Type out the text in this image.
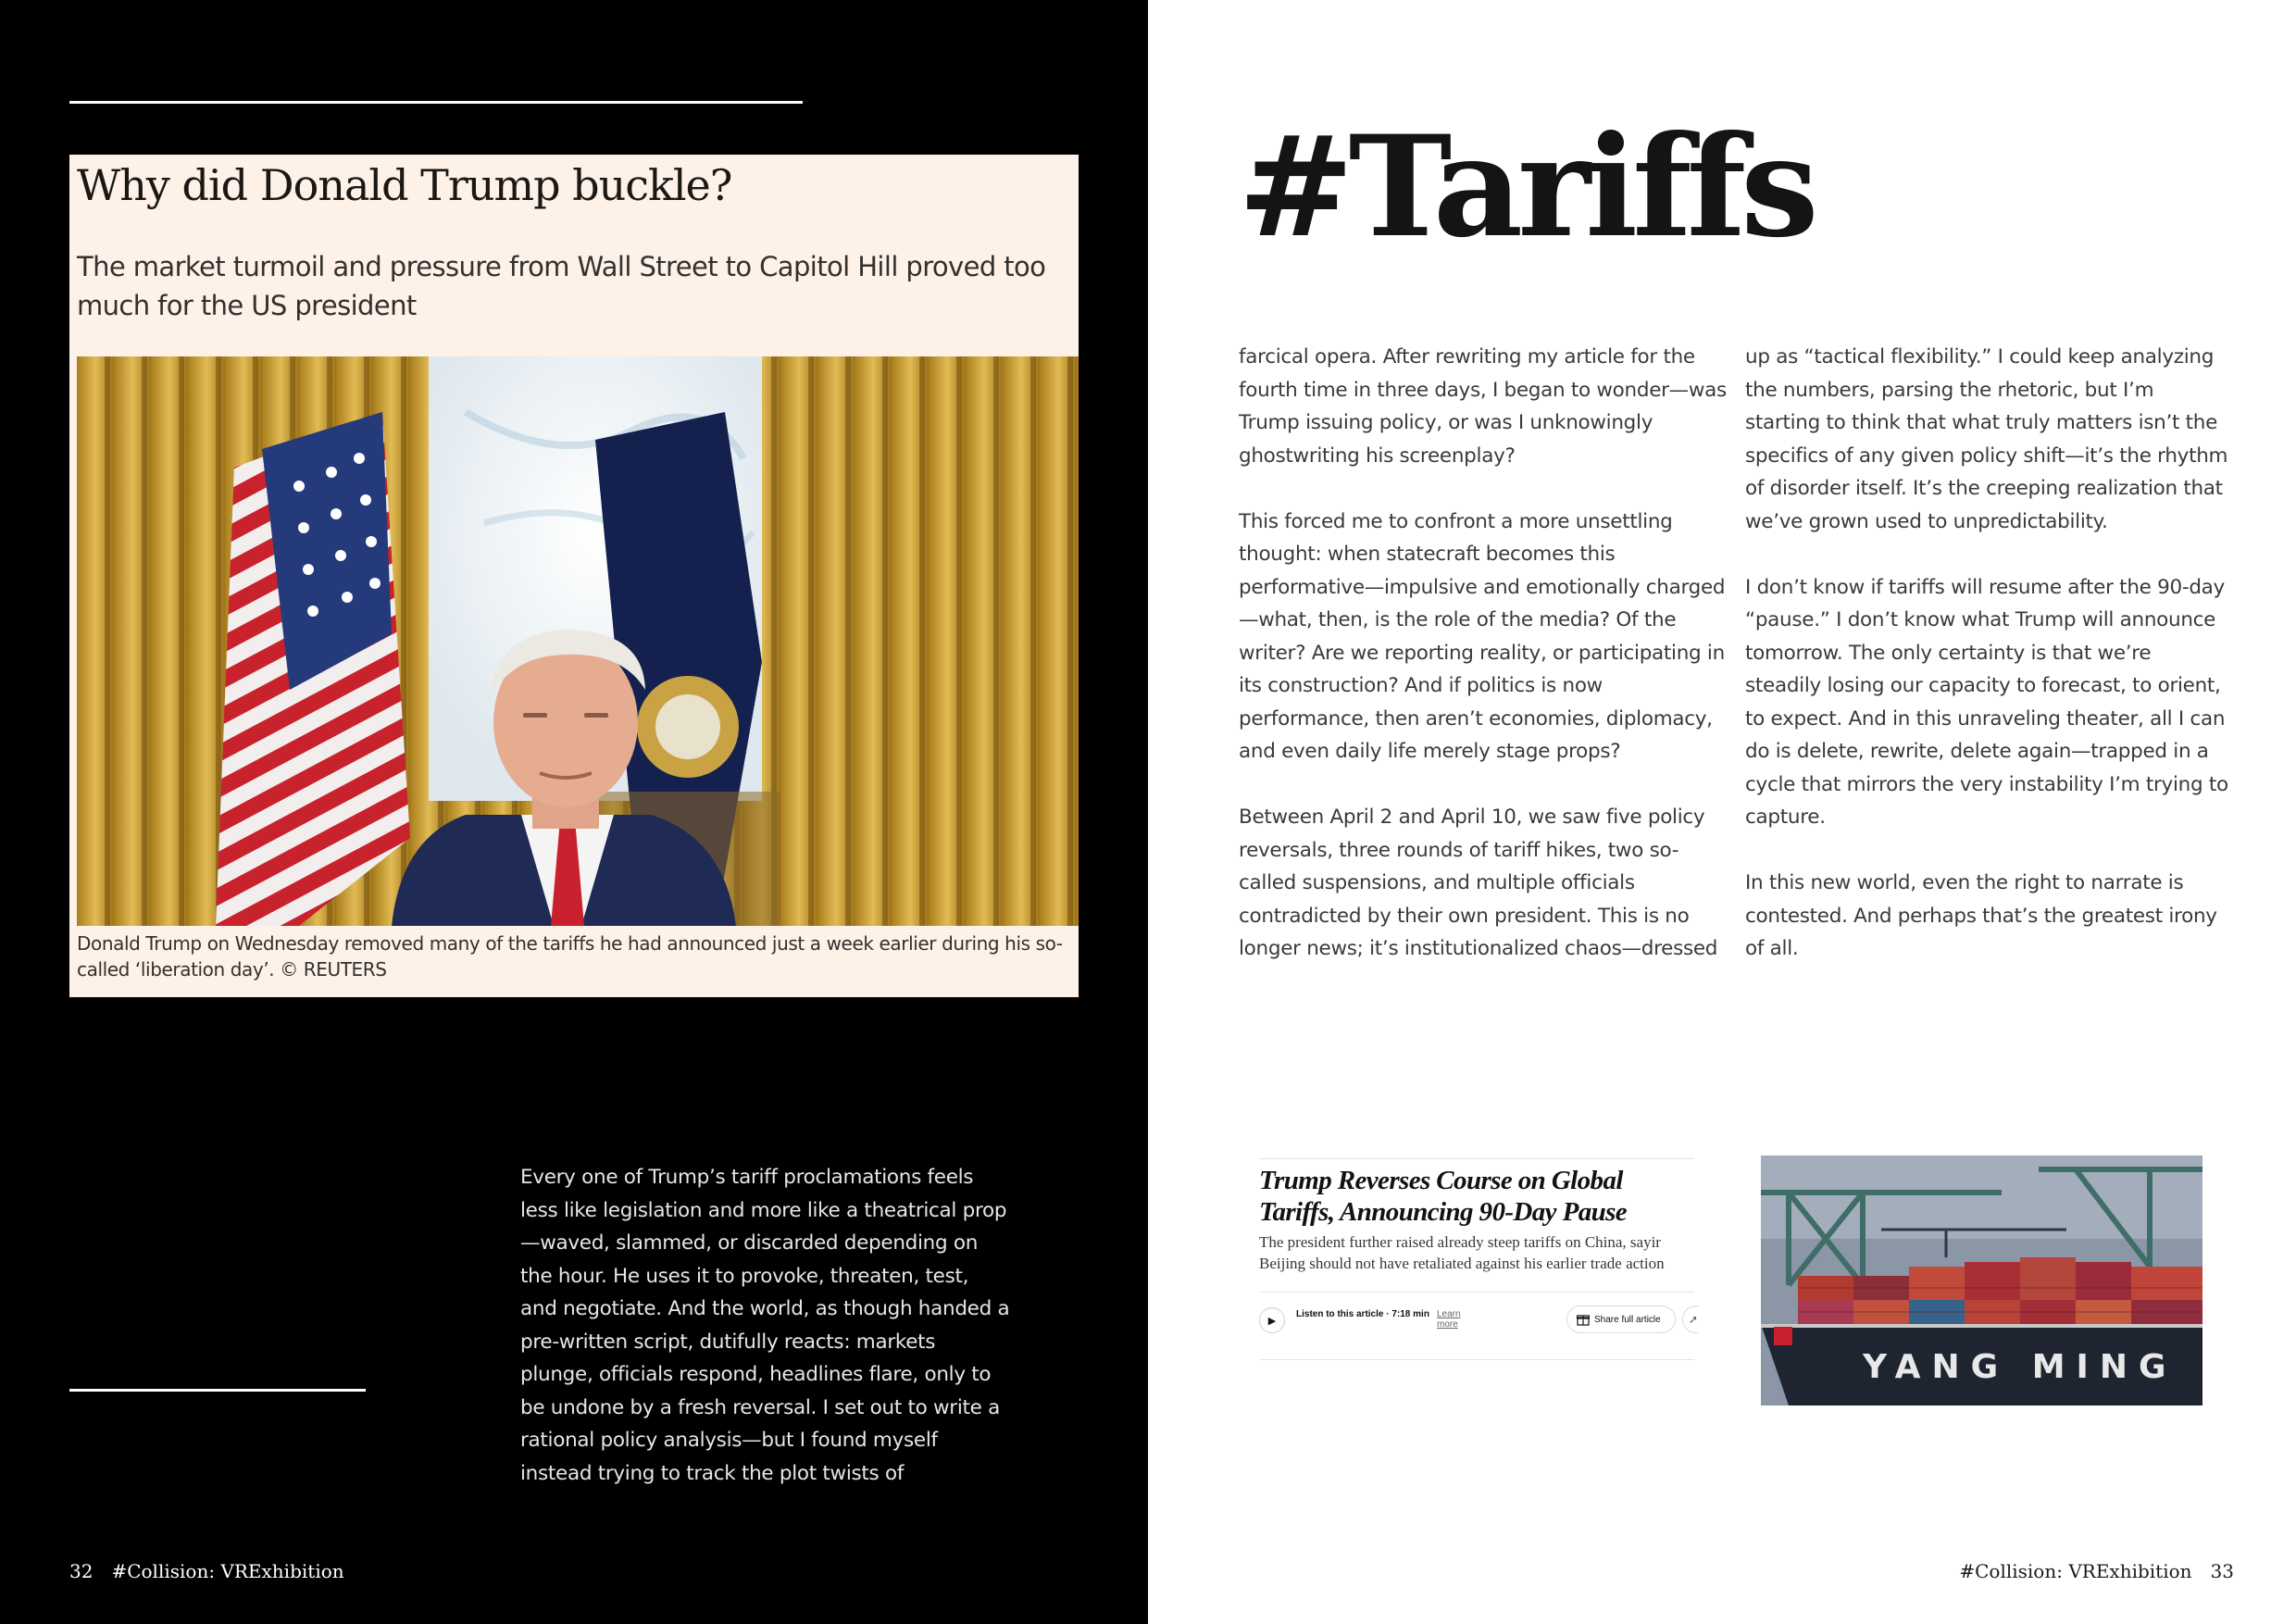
Why did Donald Trump buckle?

The market turmoil and pressure from Wall Street to Capitol Hill proved too much for the US president

Donald Trump on Wednesday removed many of the tariffs he had announced just a week earlier during his so-called ‘liberation day’. © REUTERS

Every one of Trump’s tariff proclamations feels less like legislation and more like a theatrical prop—waved, slammed, or discarded depending on the hour. He uses it to provoke, threaten, test, and negotiate. And the world, as though handed a pre-written script, dutifully reacts: markets plunge, officials respond, headlines flare, only to be undone by a fresh reversal. I set out to write a rational policy analysis—but I found myself instead trying to track the plot twists of

32 #Collision: VRExhibition
#Tariffs

farcical opera. After rewriting my article for the fourth time in three days, I began to wonder—was Trump issuing policy, or was I unknowingly ghostwriting his screenplay?

This forced me to confront a more unsettling thought: when statecraft becomes this performative—impulsive and emotionally charged—what, then, is the role of the media? Of the writer? Are we reporting reality, or participating in its construction? And if politics is now performance, then aren’t economies, diplomacy, and even daily life merely stage props?

Between April 2 and April 10, we saw five policy reversals, three rounds of tariff hikes, two so-called suspensions, and multiple officials contradicted by their own president. This is no longer news; it’s institutionalized chaos—dressed

up as “tactical flexibility.” I could keep analyzing the numbers, parsing the rhetoric, but I’m starting to think that what truly matters isn’t the specifics of any given policy shift—it’s the rhythm of disorder itself. It’s the creeping realization that we’ve grown used to unpredictability.

I don’t know if tariffs will resume after the 90-day “pause.” I don’t know what Trump will announce tomorrow. The only certainty is that we’re steadily losing our capacity to forecast, to orient, to expect. And in this unraveling theater, all I can do is delete, rewrite, delete again—trapped in a cycle that mirrors the very instability I’m trying to capture.

In this new world, even the right to narrate is contested. And perhaps that’s the greatest irony of all.

Trump Reverses Course on Global Tariffs, Announcing 90-Day Pause

The president further raised already steep tariffs on China, sayir
Beijing should not have retaliated against his earlier trade action

▶
Listen to this article · 7:18 min Learn more	Share full article	➚
YANG MING
#Collision: VRExhibition 33
